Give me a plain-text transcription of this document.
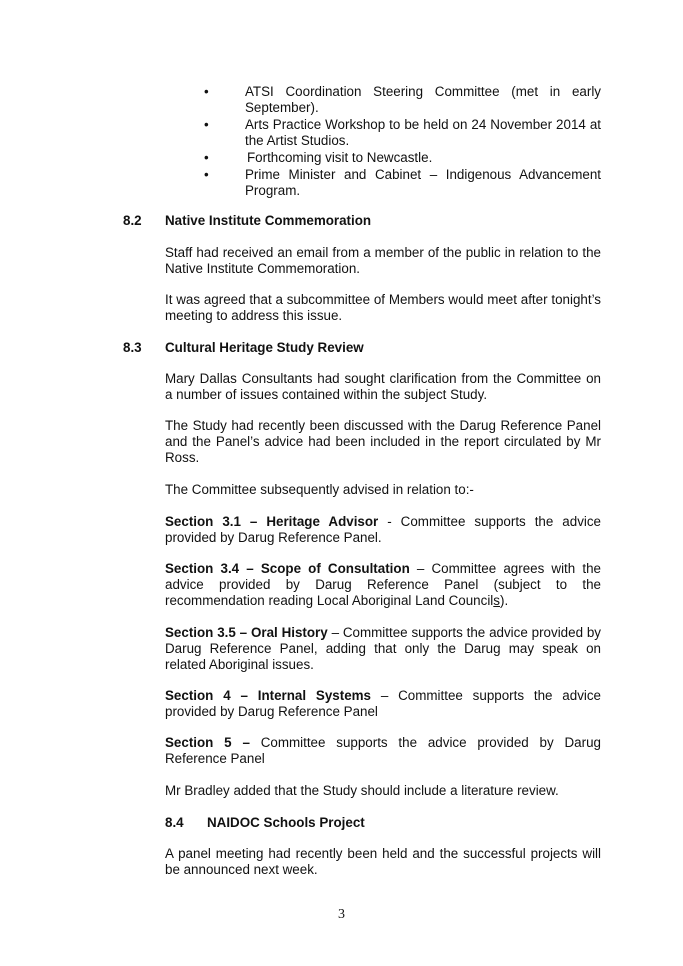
•	ATSI Coordination Steering Committee (met in early September).
•	Arts Practice Workshop to be held on 24 November 2014 at the Artist Studios.
•	Forthcoming visit to Newcastle.
•	Prime Minister and Cabinet – Indigenous Advancement Program.
8.2 Native Institute Commemoration

Staff had received an email from a member of the public in relation to the Native Institute Commemoration.

It was agreed that a subcommittee of Members would meet after tonight’s meeting to address this issue.

8.3 Cultural Heritage Study Review

Mary Dallas Consultants had sought clarification from the Committee on a number of issues contained within the subject Study.

The Study had recently been discussed with the Darug Reference Panel and the Panel’s advice had been included in the report circulated by Mr Ross.

The Committee subsequently advised in relation to:-

Section 3.1 – Heritage Advisor - Committee supports the advice provided by Darug Reference Panel.

Section 3.4 – Scope of Consultation – Committee agrees with the advice provided by Darug Reference Panel (subject to the recommendation reading Local Aboriginal Land Councils).

Section 3.5 – Oral History – Committee supports the advice provided by Darug Reference Panel, adding that only the Darug may speak on related Aboriginal issues.

Section 4 – Internal Systems – Committee supports the advice provided by Darug Reference Panel

Section 5 – Committee supports the advice provided by Darug Reference Panel

Mr Bradley added that the Study should include a literature review.

8.4 NAIDOC Schools Project

A panel meeting had recently been held and the successful projects will be announced next week.

3
